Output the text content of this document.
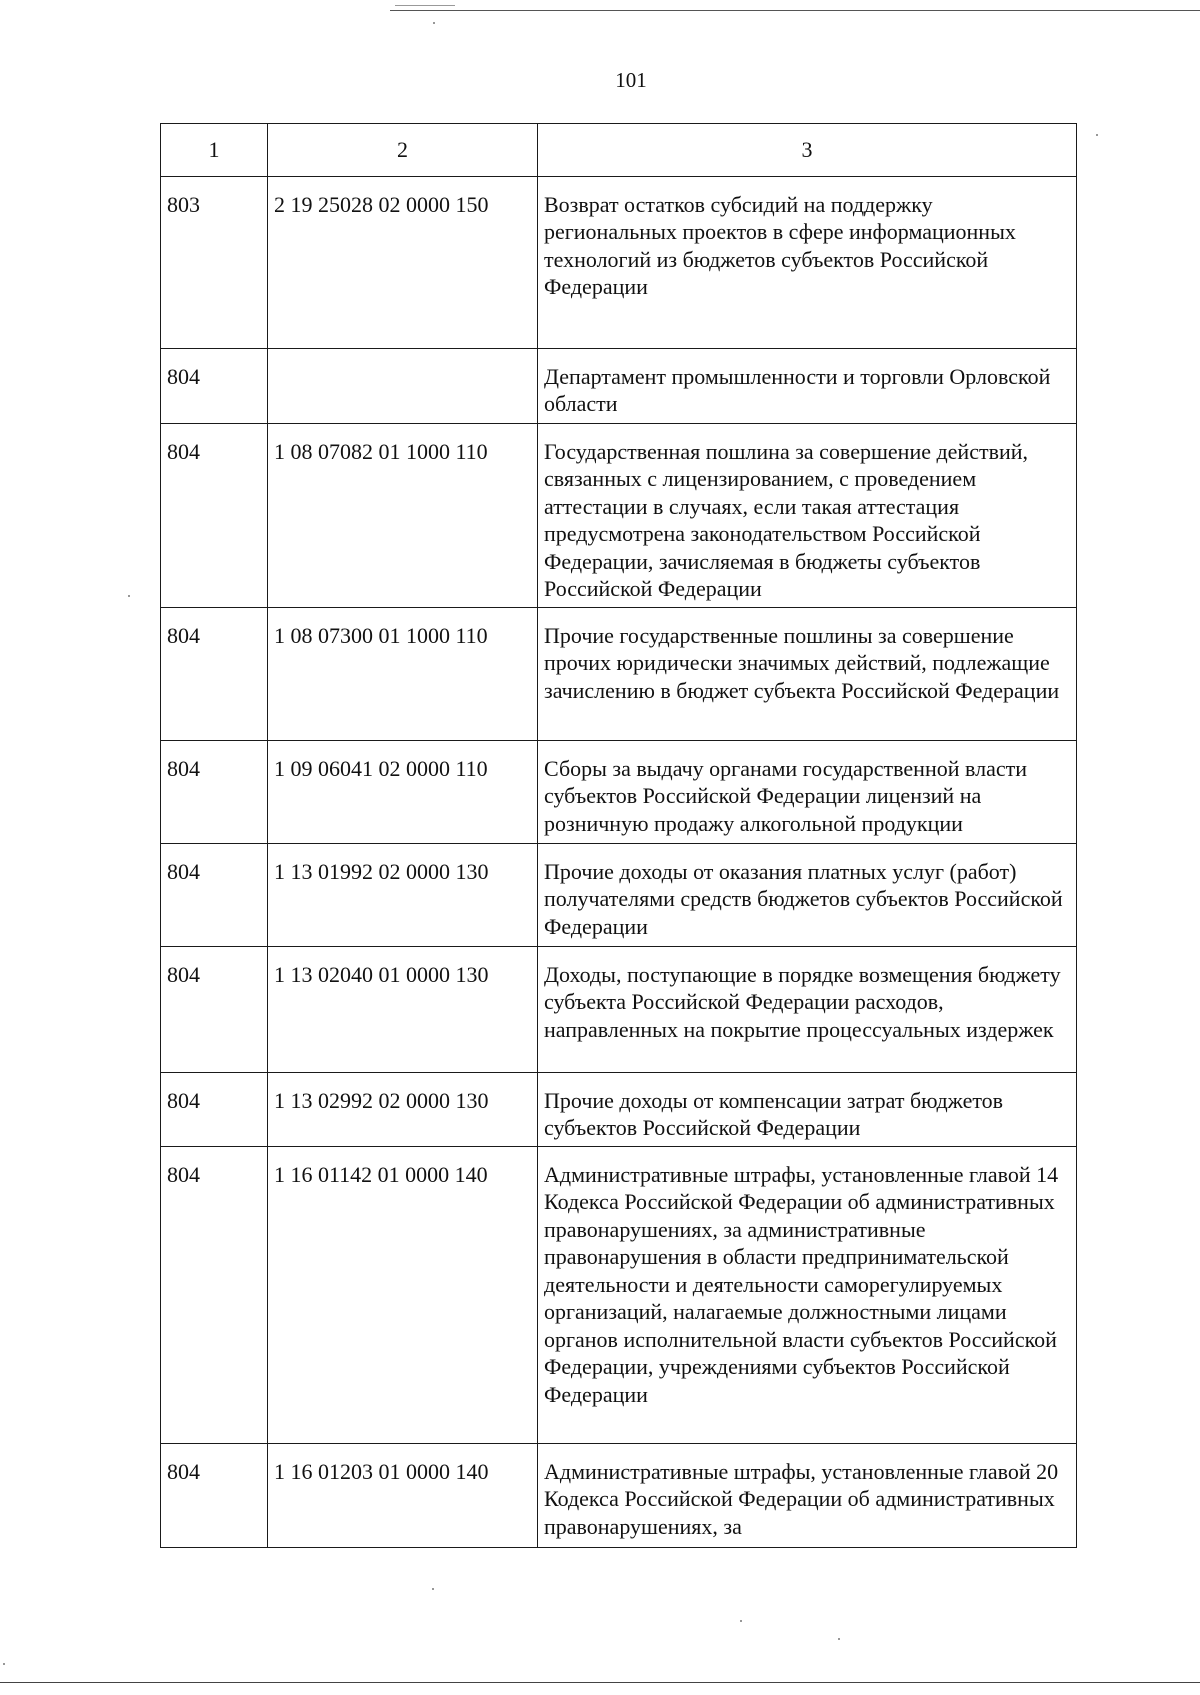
101
1	2	3
803	2 19 25028 02 0000 150	Возврат остатков субсидий на поддержку региональных проектов в сфере информационных технологий из бюджетов субъектов Российской Федерации
804		Департамент промышленности и торговли Орловской области
804	1 08 07082 01 1000 110	Государственная пошлина за совершение действий, связанных с лицензированием, с проведением аттестации в случаях, если такая аттестация предусмотрена законодательством Российской Федерации, зачисляемая в бюджеты субъектов Российской Федерации
804	1 08 07300 01 1000 110	Прочие государственные пошлины за совершение прочих юридически значимых действий, подлежащие зачислению в бюджет субъекта Российской Федерации
804	1 09 06041 02 0000 110	Сборы за выдачу органами государственной власти субъектов Российской Федерации лицензий на розничную продажу алкогольной продукции
804	1 13 01992 02 0000 130	Прочие доходы от оказания платных услуг (работ) получателями средств бюджетов субъектов Российской Федерации
804	1 13 02040 01 0000 130	Доходы, поступающие в порядке возмещения бюджету субъекта Российской Федерации расходов, направленных на покрытие процессуальных издержек
804	1 13 02992 02 0000 130	Прочие доходы от компенсации затрат бюджетов субъектов Российской Федерации
804	1 16 01142 01 0000 140	Административные штрафы, установленные главой 14 Кодекса Российской Федерации об административных правонарушениях, за административные правонарушения в области предпринимательской деятельности и деятельности саморегулируемых организаций, налагаемые должностными лицами органов исполнительной власти субъектов Российской Федерации, учреждениями субъектов Российской Федерации
804	1 16 01203 01 0000 140	Административные штрафы, установленные главой 20 Кодекса Российской Федерации об административных правонарушениях, за
